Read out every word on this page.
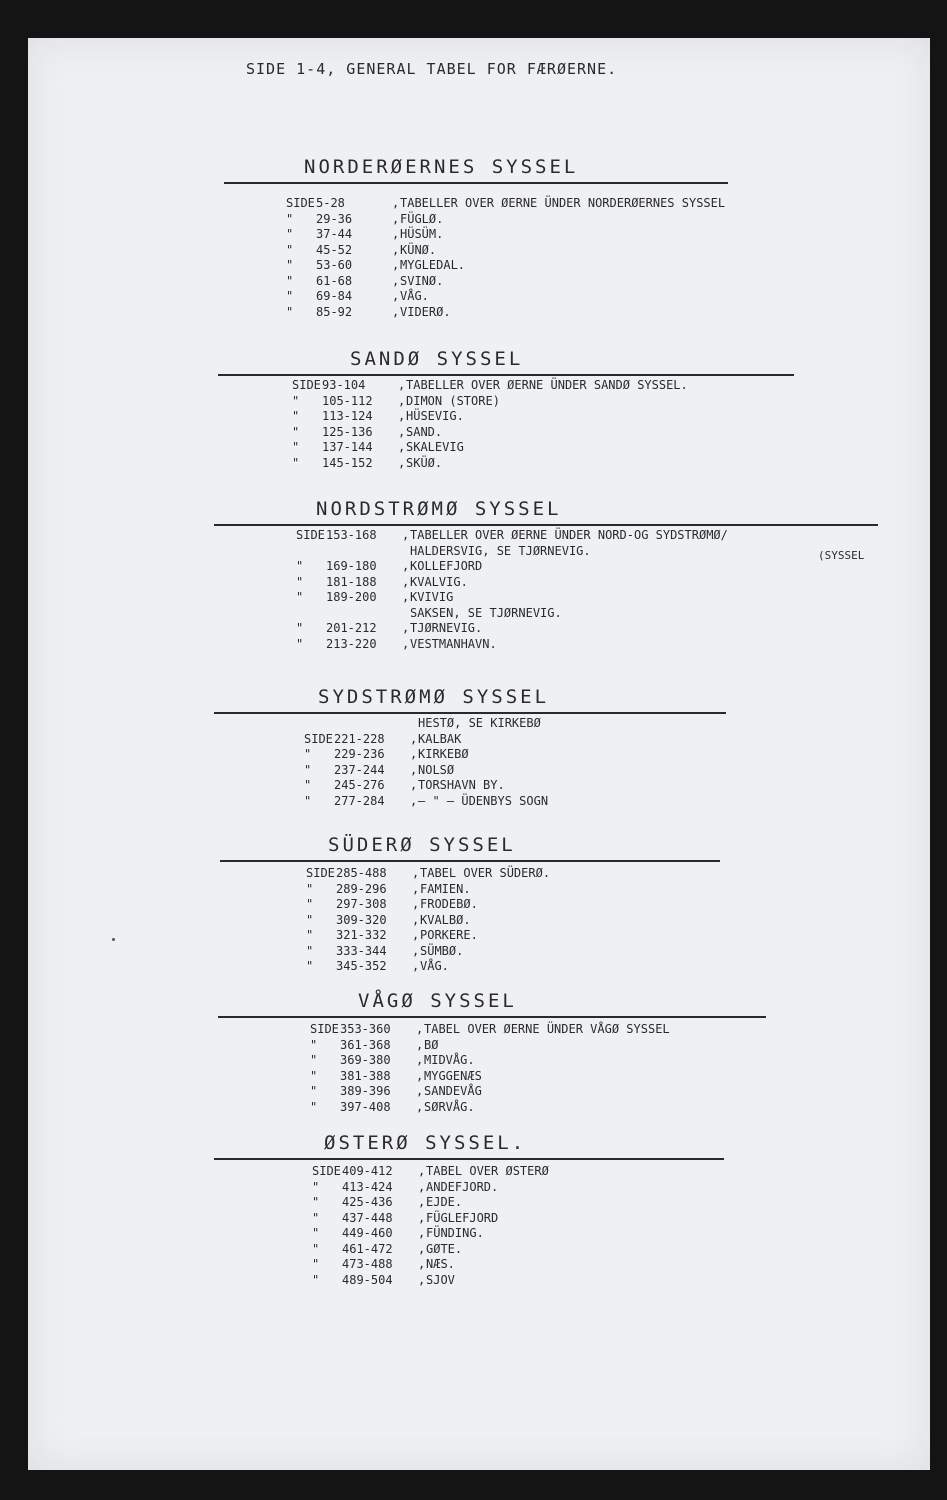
SIDE 1-4, GENERAL TABEL FOR FÆRØERNE.
NORDERØERNES SYSSEL
SIDE5-28	,TABELLER OVER ØERNE ÜNDER NORDERØERNES SYSSEL
" 29-36	,FÜGLØ.
" 37-44	,HÜSÜM.
" 45-52	,KÜNØ.
" 53-60	,MYGLEDAL.
" 61-68	,SVINØ.
" 69-84	,VÅG.
" 85-92	,VIDERØ.
SANDØ SYSSEL
SIDE93-104	,TABELLER OVER ØERNE ÜNDER SANDØ SYSSEL.
" 105-112 ,DIMON (STORE)
" 113-124 ,HÜSEVIG.
" 125-136 ,SAND.
" 137-144 ,SKALEVIG
" 145-152 ,SKÜØ.
NORDSTRØMØ SYSSEL
SIDE153-168 ,TABELLER OVER ØERNE ÜNDER NORD-OG SYDSTRØMØ/
HALDERSVIG, SE TJØRNEVIG.	(SYSSEL
" 169-180 ,KOLLEFJORD
" 181-188 ,KVALVIG.
" 189-200 ,KVIVIG
SAKSEN, SE TJØRNEVIG.
" 201-212 ,TJØRNEVIG.
" 213-220 ,VESTMANHAVN.
SYDSTRØMØ SYSSEL
HESTØ, SE KIRKEBØ
SIDE221-228 ,KALBAK
" 229-236 ,KIRKEBØ
" 237-244 ,NOLSØ
" 245-276 ,TORSHAVN BY.
" 277-284 ,— " — ÜDENBYS SOGN
SÜDERØ SYSSEL
SIDE285-488 ,TABEL OVER SÜDERØ.
" 289-296 ,FAMIEN.
" 297-308 ,FRODEBØ.
" 309-320 ,KVALBØ.
" 321-332 ,PORKERE.
" 333-344 ,SÜMBØ.
" 345-352 ,VÅG.
VÅGØ SYSSEL
SIDE353-360 ,TABEL OVER ØERNE ÜNDER VÅGØ SYSSEL
" 361-368 ,BØ
" 369-380 ,MIDVÅG.
" 381-388 ,MYGGENÆS
" 389-396 ,SANDEVÅG
" 397-408 ,SØRVÅG.
ØSTERØ SYSSEL.
SIDE409-412 ,TABEL OVER ØSTERØ
" 413-424 ,ANDEFJORD.
" 425-436 ,EJDE.
" 437-448 ,FÜGLEFJORD
" 449-460 ,FÜNDING.
" 461-472 ,GØTE.
" 473-488 ,NÆS.
" 489-504 ,SJOV
